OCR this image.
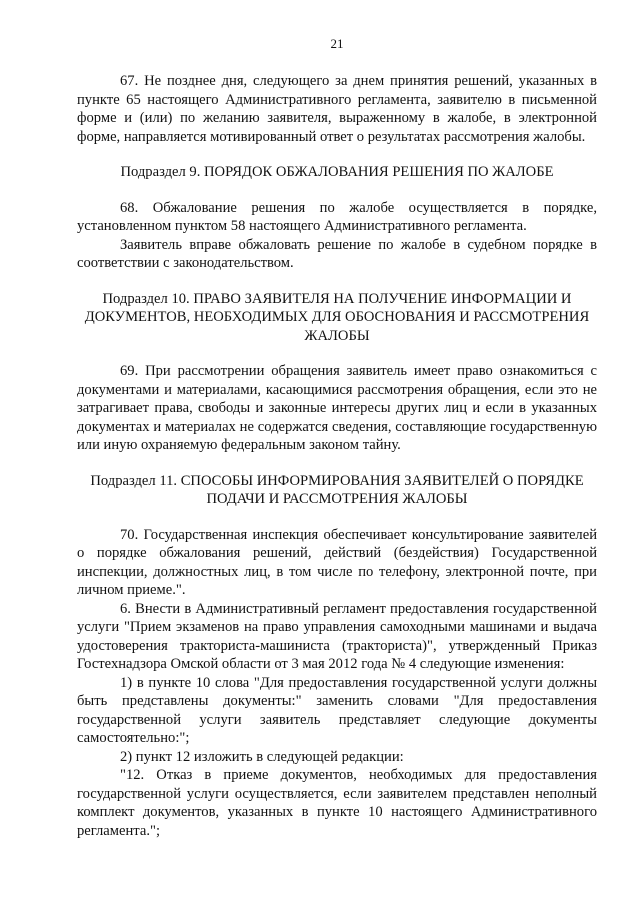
21

67. Не позднее дня, следующего за днем принятия решений, указанных в пункте 65 настоящего Административного регламента, заявителю в письменной форме и (или) по желанию заявителя, выраженному в жалобе, в электронной форме, направляется мотивированный ответ о результатах рассмотрения жалобы.

Подраздел 9. ПОРЯДОК ОБЖАЛОВАНИЯ РЕШЕНИЯ ПО ЖАЛОБЕ

68. Обжалование решения по жалобе осуществляется в порядке, установленном пунктом 58 настоящего Административного регламента.

Заявитель вправе обжаловать решение по жалобе в судебном порядке в соответствии с законодательством.

Подраздел 10. ПРАВО ЗАЯВИТЕЛЯ НА ПОЛУЧЕНИЕ ИНФОРМАЦИИ И ДОКУМЕНТОВ, НЕОБХОДИМЫХ ДЛЯ ОБОСНОВАНИЯ И РАССМОТРЕНИЯ ЖАЛОБЫ

69. При рассмотрении обращения заявитель имеет право ознакомиться с документами и материалами, касающимися рассмотрения обращения, если это не затрагивает права, свободы и законные интересы других лиц и если в указанных документах и материалах не содержатся сведения, составляющие государственную или иную охраняемую федеральным законом тайну.

Подраздел 11. СПОСОБЫ ИНФОРМИРОВАНИЯ ЗАЯВИТЕЛЕЙ О ПОРЯДКЕ ПОДАЧИ И РАССМОТРЕНИЯ ЖАЛОБЫ

70. Государственная инспекция обеспечивает консультирование заявителей о порядке обжалования решений, действий (бездействия) Государственной инспекции, должностных лиц, в том числе по телефону, электронной почте, при личном приеме.".

6. Внести в Административный регламент предоставления государственной услуги "Прием экзаменов на право управления самоходными машинами и выдача удостоверения тракториста-машиниста (тракториста)", утвержденный Приказ Гостехнадзора Омской области от 3 мая 2012 года № 4 следующие изменения:

1) в пункте 10 слова "Для предоставления государственной услуги должны быть представлены документы:" заменить словами "Для предоставления государственной услуги заявитель представляет следующие документы самостоятельно:";

2) пункт 12 изложить в следующей редакции:

"12. Отказ в приеме документов, необходимых для предоставления государственной услуги осуществляется, если заявителем представлен неполный комплект документов, указанных в пункте 10 настоящего Административного регламента.";
